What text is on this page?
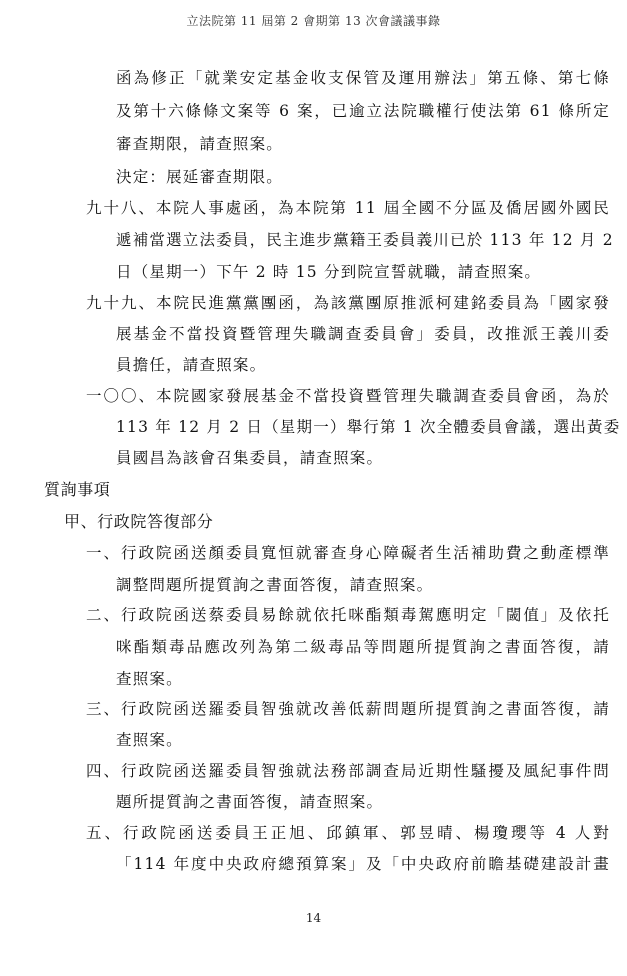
立法院第 11 屆第 2 會期第 13 次會議議事錄
函為修正「就業安定基金收支保管及運用辦法」第五條、第七條
及第十六條條文案等 6 案，已逾立法院職權行使法第 61 條所定
審查期限，請查照案。
決定：展延審查期限。
九十八、本院人事處函，為本院第 11 屆全國不分區及僑居國外國民
遞補當選立法委員，民主進步黨籍王委員義川已於 113 年 12 月 2
日（星期一）下午 2 時 15 分到院宣誓就職，請查照案。
九十九、本院民進黨黨團函，為該黨團原推派柯建銘委員為「國家發
展基金不當投資暨管理失職調查委員會」委員，改推派王義川委
員擔任，請查照案。
一〇〇、本院國家發展基金不當投資暨管理失職調查委員會函，為於
113 年 12 月 2 日（星期一）舉行第 1 次全體委員會議，選出黃委
員國昌為該會召集委員，請查照案。
質詢事項
甲、行政院答復部分
一、行政院函送顏委員寬恒就審查身心障礙者生活補助費之動產標準
調整問題所提質詢之書面答復，請查照案。
二、行政院函送蔡委員易餘就依托咪酯類毒駕應明定「閾值」及依托
咪酯類毒品應改列為第二級毒品等問題所提質詢之書面答復，請
查照案。
三、行政院函送羅委員智強就改善低薪問題所提質詢之書面答復，請
查照案。
四、行政院函送羅委員智強就法務部調查局近期性騷擾及風紀事件問
題所提質詢之書面答復，請查照案。
五、行政院函送委員王正旭、邱鎮軍、郭昱晴、楊瓊瓔等 4 人對
「114 年度中央政府總預算案」及「中央政府前瞻基礎建設計畫
14
